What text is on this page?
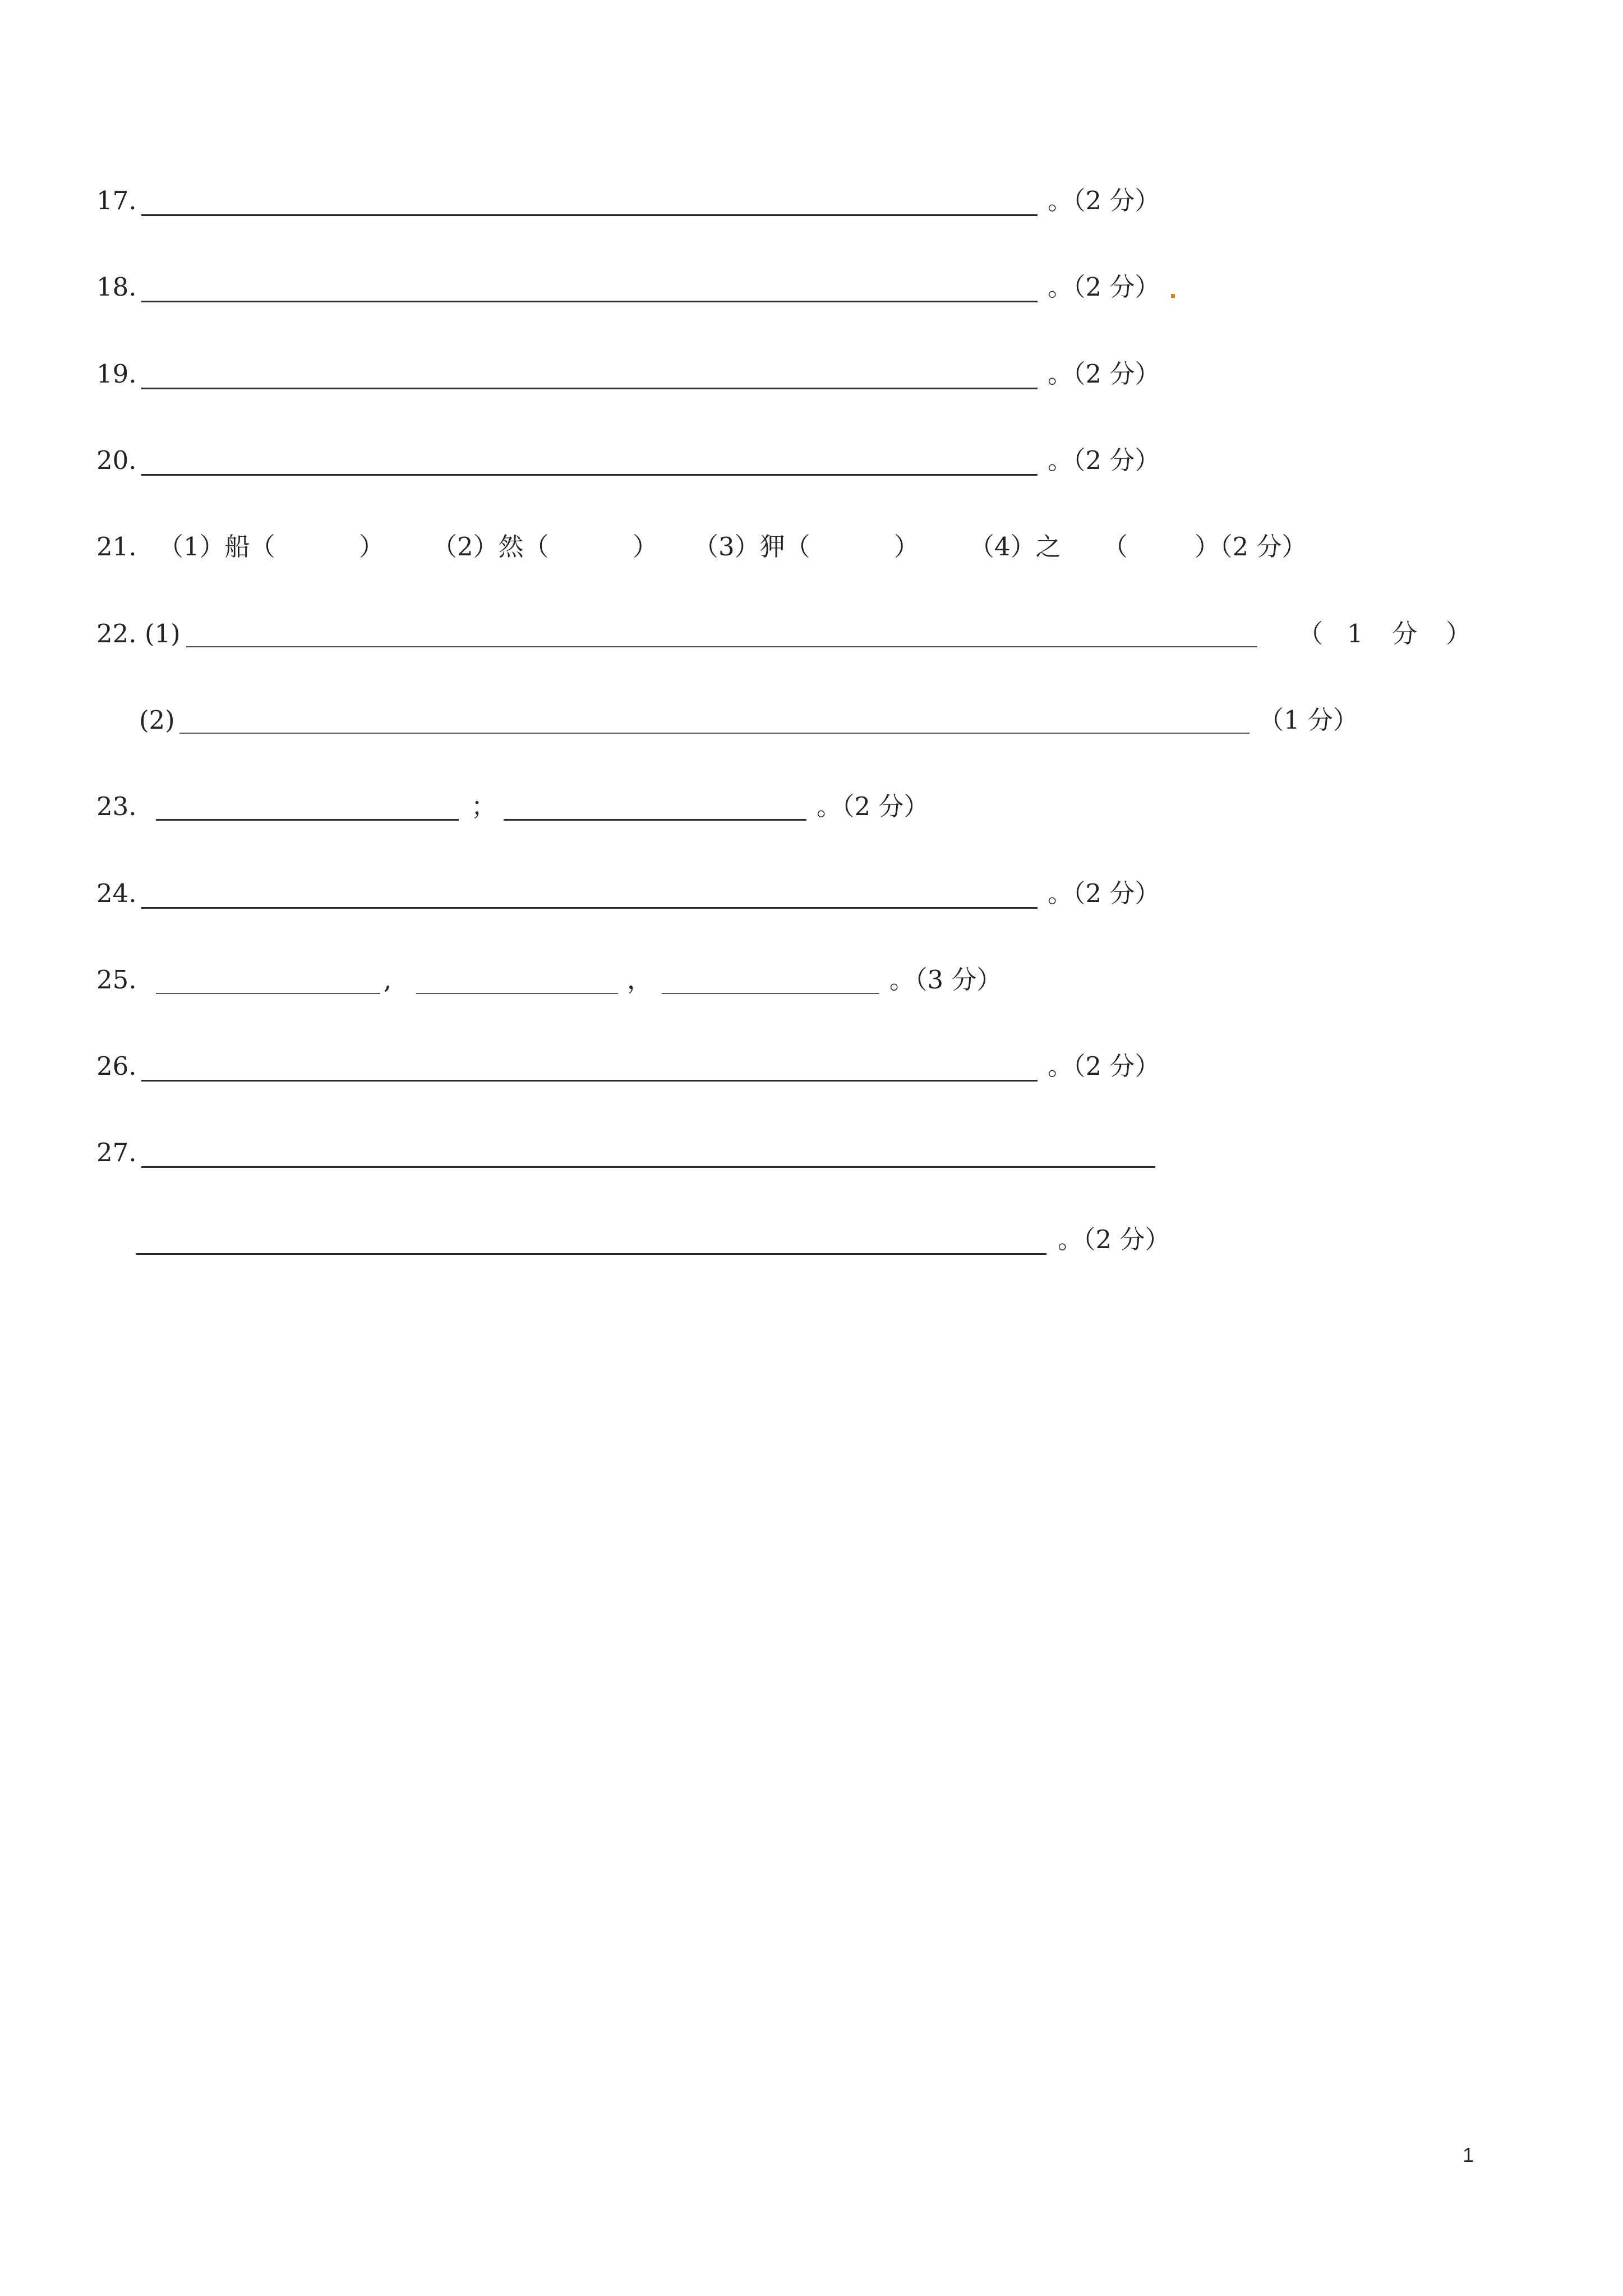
17.	。（2 分）
18.	。（2 分）
19.	。（2 分）
20.	。（2 分）
21. （1）船（	） （2）然（	） （3）狎（	） （4）之 （	）（2 分）
22. (1)	（ 1 分 ）
(2)	（1 分）
23.	；	。（2 分）
24.	。（2 分）
25.	,	，	。（3 分）
26.	。（2 分）
27.
。（2 分）
1
